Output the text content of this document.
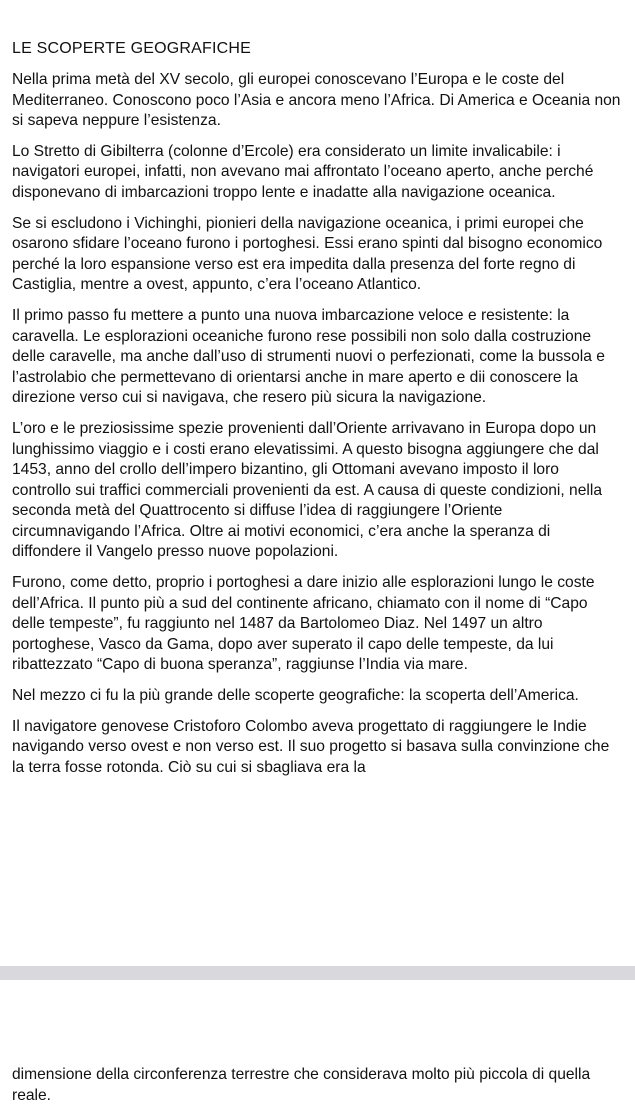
LE SCOPERTE GEOGRAFICHE

Nella prima metà del XV secolo, gli europei conoscevano l’Europa e le coste del Mediterraneo. Conoscono poco l’Asia e ancora meno l’Africa. Di America e Oceania non si sapeva neppure l’esistenza.

Lo Stretto di Gibilterra (colonne d’Ercole) era considerato un limite invalicabile: i navigatori europei, infatti, non avevano mai affrontato l’oceano aperto, anche perché disponevano di imbarcazioni troppo lente e inadatte alla navigazione oceanica.

Se si escludono i Vichinghi, pionieri della navigazione oceanica, i primi europei che osarono sfidare l’oceano furono i portoghesi. Essi erano spinti dal bisogno economico perché la loro espansione verso est era impedita dalla presenza del forte regno di Castiglia, mentre a ovest, appunto, c’era l’oceano Atlantico.

Il primo passo fu mettere a punto una nuova imbarcazione veloce e resistente: la caravella. Le esplorazioni oceaniche furono rese possibili non solo dalla costruzione delle caravelle, ma anche dall’uso di strumenti nuovi o perfezionati, come la bussola e l’astrolabio che permettevano di orientarsi anche in mare aperto e dii conoscere la direzione verso cui si navigava, che resero più sicura la navigazione.

L’oro e le preziosissime spezie provenienti dall’Oriente arrivavano in Europa dopo un lunghissimo viaggio e i costi erano elevatissimi. A questo bisogna aggiungere che dal 1453, anno del crollo dell’impero bizantino, gli Ottomani avevano imposto il loro controllo sui traffici commerciali provenienti da est. A causa di queste condizioni, nella seconda metà del Quattrocento si diffuse l’idea di raggiungere l’Oriente circumnavigando l’Africa. Oltre ai motivi economici, c’era anche la speranza di diffondere il Vangelo presso nuove popolazioni.

Furono, come detto, proprio i portoghesi a dare inizio alle esplorazioni lungo le coste dell’Africa. Il punto più a sud del continente africano, chiamato con il nome di “Capo delle tempeste”, fu raggiunto nel 1487 da Bartolomeo Diaz. Nel 1497 un altro portoghese, Vasco da Gama, dopo aver superato il capo delle tempeste, da lui ribattezzato “Capo di buona speranza”, raggiunse l’India via mare.

Nel mezzo ci fu la più grande delle scoperte geografiche: la scoperta dell’America.

Il navigatore genovese Cristoforo Colombo aveva progettato di raggiungere le Indie navigando verso ovest e non verso est. Il suo progetto si basava sulla convinzione che la terra fosse rotonda. Ciò su cui si sbagliava era la

dimensione della circonferenza terrestre che considerava molto più piccola di quella reale.
